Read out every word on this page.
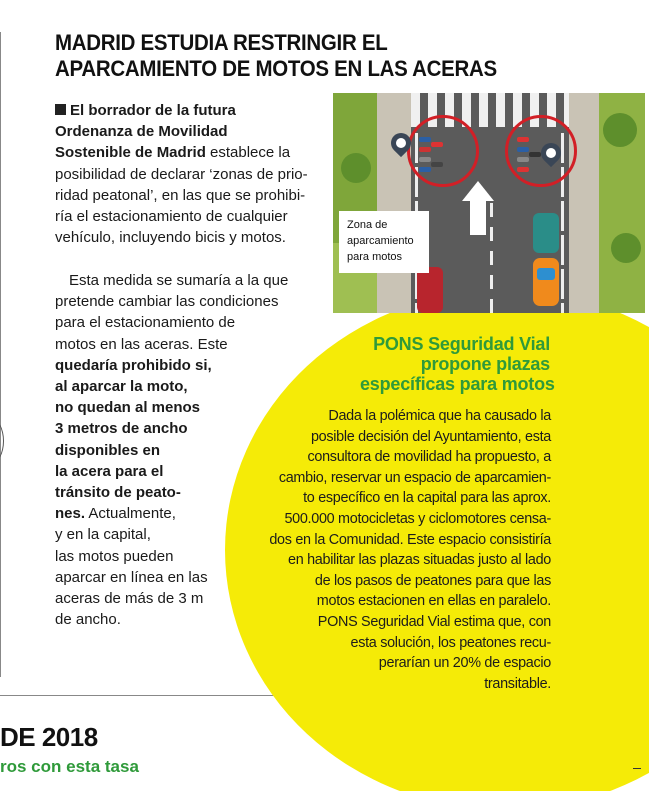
MADRID ESTUDIA RESTRINGIR EL
APARCAMIENTO DE MOTOS EN LAS ACERAS
El borrador de la futura
Ordenanza de Movilidad
Sostenible de Madrid establece la
posibilidad de declarar ‘zonas de prio-
ridad peatonal’, en las que se prohibi-
ría el estacionamiento de cualquier
vehículo, incluyendo bicis y motos.
Esta medida se sumaría a la que
pretende cambiar las condiciones
para el estacionamiento de
motos en las aceras. Este
quedaría prohibido si,
al aparcar la moto,
no quedan al menos
3 metros de ancho
disponibles en
la acera para el
tránsito de peato-
nes. Actualmente,
y en la capital,
las motos pueden
aparcar en línea en las
aceras de más de 3 m
de ancho.
Zona de
aparcamiento
para motos
PONS Seguridad Vial
propone plazas
específicas para motos
Dada la polémica que ha causado la
posible decisión del Ayuntamiento, esta
consultora de movilidad ha propuesto, a
cambio, reservar un espacio de aparcamien-
to específico en la capital para las aprox.
500.000 motocicletas y ciclomotores censa-
dos en la Comunidad. Este espacio consistiría
en habilitar las plazas situadas justo al lado
de los pasos de peatones para que las
motos estacionen en ellas en paralelo.
PONS Seguridad Vial estima que, con
esta solución, los peatones recu-
perarían un 20% de espacio
transitable.
DE 2018
ros con esta tasa
